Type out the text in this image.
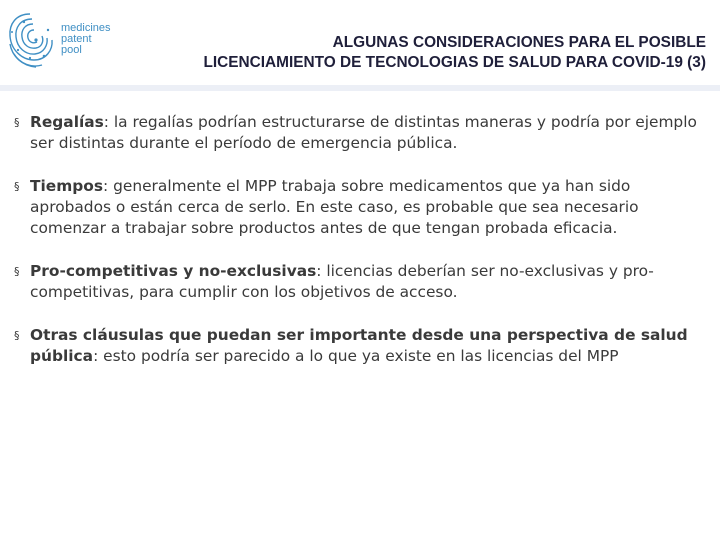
medicines
patent
pool	ALGUNAS CONSIDERACIONES PARA EL POSIBLE
LICENCIAMIENTO DE TECNOLOGIAS DE SALUD PARA COVID-19 (3)
§ Regalías: la regalías podrían estructurarse de distintas maneras y podría por ejemplo ser distintas durante el período de emergencia pública.
§ Tiempos: generalmente el MPP trabaja sobre medicamentos que ya han sido aprobados o están cerca de serlo. En este caso, es probable que sea necesario comenzar a trabajar sobre productos antes de que tengan probada eficacia.
§ Pro-competitivas y no-exclusivas: licencias deberían ser no-exclusivas y pro-competitivas, para cumplir con los objetivos de acceso.
§ Otras cláusulas que puedan ser importante desde una perspectiva de salud pública: esto podría ser parecido a lo que ya existe en las licencias del MPP
